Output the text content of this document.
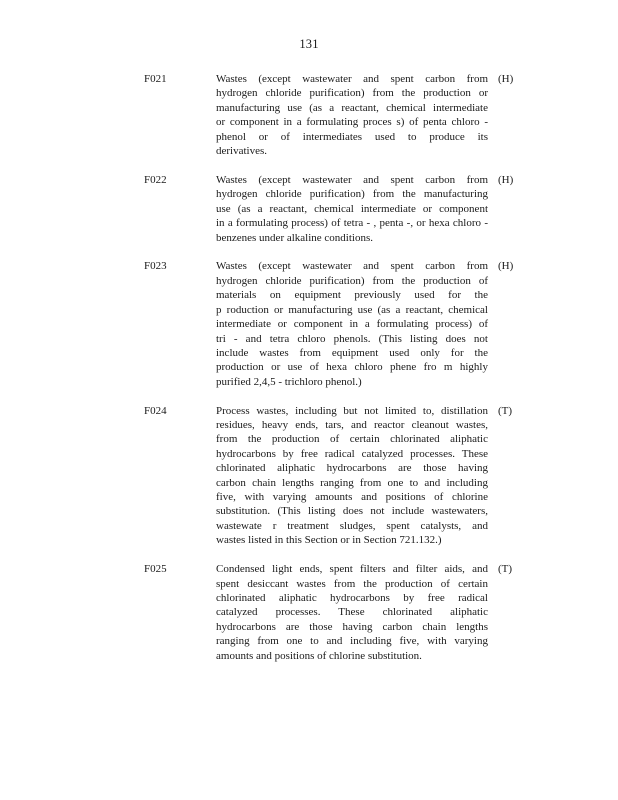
131
F021	Wastes (except wastewater and spent carbon from
hydrogen chloride purification) from the production or
manufacturing use (as a reactant, chemical intermediate
or component in a formulating proces s) of penta chloro -
phenol or of intermediates used to produce its
derivatives.
(H)
F022	Wastes (except wastewater and spent carbon from
hydrogen chloride purification) from the manufacturing
use (as a reactant, chemical intermediate or component
in a formulating process) of tetra - , penta -, or hexa chloro -
benzenes under alkaline conditions.
(H)
F023	Wastes (except wastewater and spent carbon from
hydrogen chloride purification) from the production of
materials on equipment previously used for the
p roduction or manufacturing use (as a reactant, chemical
intermediate or component in a formulating process) of
tri - and tetra chloro phenols. (This listing does not
include wastes from equipment used only for the
production or use of hexa chloro phene fro m highly
purified 2,4,5 - trichloro phenol.)
(H)
F024	Process wastes, including but not limited to, distillation
residues, heavy ends, tars, and reactor cleanout wastes,
from the production of certain chlorinated aliphatic
hydrocarbons by free radical catalyzed processes. These
chlorinated aliphatic hydrocarbons are those having
carbon chain lengths ranging from one to and including
five, with varying amounts and positions of chlorine
substitution. (This listing does not include wastewaters,
wastewate r treatment sludges, spent catalysts, and
wastes listed in this Section or in Section 721.132.)
(T)
F025	Condensed light ends, spent filters and filter aids, and
spent desiccant wastes from the production of certain
chlorinated aliphatic hydrocarbons by free radical
catalyzed processes. These chlorinated aliphatic
hydrocarbons are those having carbon chain lengths
ranging from one to and including five, with varying
amounts and positions of chlorine substitution.
(T)
